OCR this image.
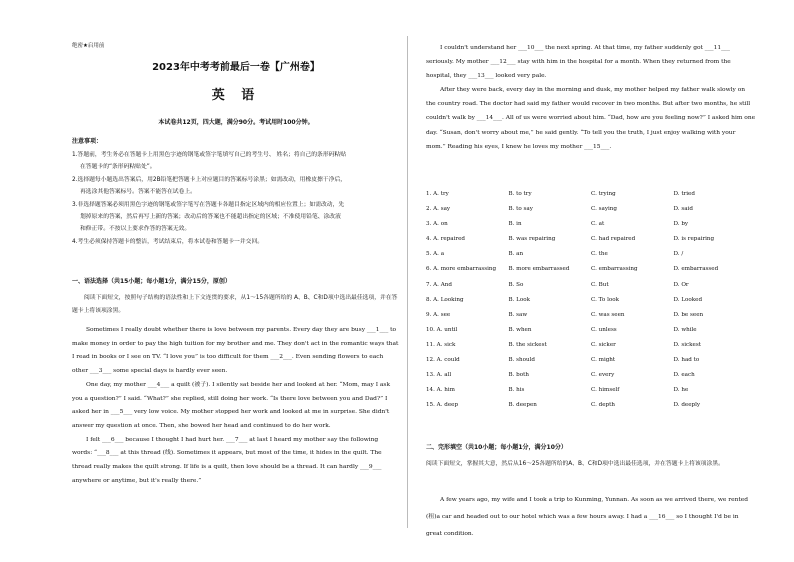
绝密★启用前
2023年中考考前最后一卷【广州卷】
英 语
本试卷共12页，四大题，满分90分。考试用时100分钟。
注意事项：

1.答题前，考生务必在答题卡上用黑色字迹的钢笔或签字笔填写自己的考生号、 姓名；将自己的条形码粘贴

在答题卡的“条形码粘贴处”。

2.选择题每小题选出答案后，用2B铅笔把答题卡上对应题目的答案标号涂黑；如需改动，用橡皮擦干净后，

再选涂其他答案标号。答案不能答在试卷上。

3.非选择题答案必须用黑色字迹的钢笔或签字笔写在答题卡各题目指定区域内的相应位置上；如需改动，先

划掉原来的答案，然后再写上新的答案；改动后的答案也不能超出指定的区域；不准使用铅笔、涂改液

和修正带。不按以上要求作答的答案无效。

4.考生必须保持答题卡的整洁，考试结束后，将本试卷和答题卡一并交回。

一、语法选择（共15小题；每小题1分，满分15分，原创）

阅读下面短文，按照句子结构的语法性和上下文连贯的要求，从1～15各题所给的 A、B、C和D项中选出最佳选项，并在答题卡上将该项涂黑。

Sometimes I really doubt whether there is love between my parents. Every day they are busy ___1___ to make money in order to pay the high tuition for my brother and me. They don't act in the romantic ways that I read in books or I see on TV. “I love you” is too difficult for them ___2___. Even sending flowers to each other ___3___ some special days is hardly ever seen.

One day, my mother ___4___ a quilt (被子). I silently sat beside her and looked at her. “Mom, may I ask you a question?” I said. “What?” she replied, still doing her work. “Is there love between you and Dad?” I asked her in ___5___ very low voice. My mother stopped her work and looked at me in surprise. She didn't answer my question at once. Then, she bowed her head and continued to do her work.

I felt ___6___ because I thought I had hurt her. ___7___ at last I heard my mother say the following words: “___8___ at this thread (线). Sometimes it appears, but most of the time, it hides in the quilt. The thread really makes the quilt strong. If life is a quilt, then love should be a thread. It can hardly ___9___ anywhere or anytime, but it's really there.”

I couldn't understand her ___10___ the next spring. At that time, my father suddenly got ___11___ seriously. My mother ___12___ stay with him in the hospital for a month. When they returned from the hospital, they ___13___ looked very pale.

After they were back, every day in the morning and dusk, my mother helped my father walk slowly on the country road. The doctor had said my father would recover in two months. But after two months, he still couldn't walk by ___14___. All of us were worried about him. “Dad, how are you feeling now?” I asked him one day. “Susan, don't worry about me,” he said gently. “To tell you the truth, I just enjoy walking with your mom.” Reading his eyes, I knew he loves my mother ___15___.

1. A. try	B. to try	C. trying	D. tried
2. A. say	B. to say	C. saying	D. said
3. A. on	B. in	C. at	D. by
4. A. repaired	B. was repairing	C. had repaired	D. is repairing
5. A. a	B. an	C. the	D. /
6. A. more embarrassing	B. more embarrassed	C. embarrassing	D. embarrassed
7. A. And	B. So	C. But	D. Or
8. A. Looking	B. Look	C. To look	D. Looked
9. A. see	B. saw	C. was seen	D. be seen
10. A. until	B. when	C. unless	D. while
11. A. sick	B. the sickest	C. sicker	D. sickest
12. A. could	B. should	C. might	D. had to
13. A. all	B. both	C. every	D. each
14. A. him	B. his	C. himself	D. he
15. A. deep	B. deepen	C. depth	D. deeply
二、完形填空（共10小题；每小题1分，满分10分）

阅读下面短文，掌握其大意，然后从16～25各题所给的A、B、C和D项中选出最佳选项，并在答题卡上将该项涂黑。

A few years ago, my wife and I took a trip to Kunming, Yunnan. As soon as we arrived there, we rented (租)a car and headed out to our hotel which was a few hours away. I had a ___16___ so I thought I'd be in great condition.
